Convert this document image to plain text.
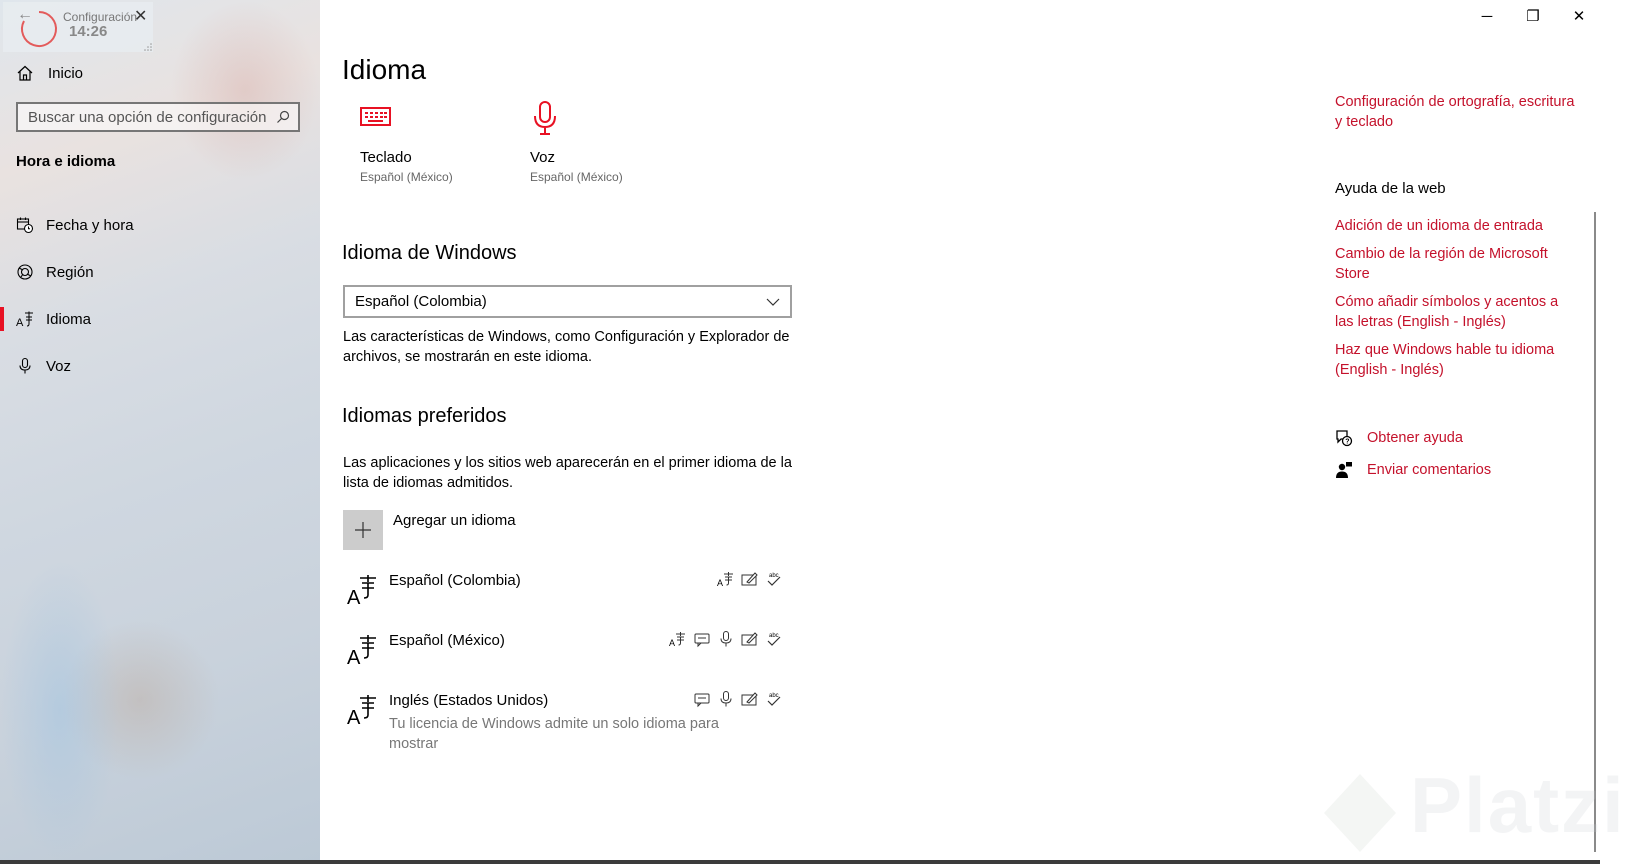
←	Configuración
14:26
✕
Inicio
Buscar una opción de configuración
Hora e idioma
Fecha y hora
Región
A Idioma
Voz
─	❐	✕
Idioma
Teclado
Español (México)
Voz
Español (México)
Idioma de Windows
Español (Colombia)
Las características de Windows, como Configuración y Explorador de archivos, se mostrarán en este idioma.
Idiomas preferidos
Las aplicaciones y los sitios web aparecerán en el primer idioma de la lista de idiomas admitidos.
Agregar un idioma
A
Español (Colombia)	A
abc
A
Español (México)	A
abc
A
Inglés (Estados Unidos)
Tu licencia de Windows admite un solo idioma para mostrar
abc
Configuración de ortografía, escritura y teclado
Ayuda de la web
Adición de un idioma de entrada
Cambio de la región de Microsoft Store
Cómo añadir símbolos y acentos a las letras (English - Inglés)
Haz que Windows hable tu idioma (English - Inglés)
? Obtener ayuda
Enviar comentarios
Platzi
